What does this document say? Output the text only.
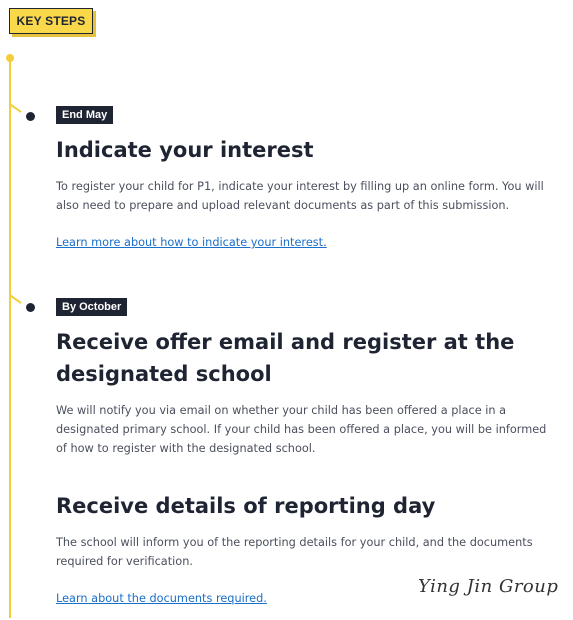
KEY STEPS
End May
Indicate your interest

To register your child for P1, indicate your interest by filling up an online form. You will also need to prepare and upload relevant documents as part of this submission.

Learn more about how to indicate your interest.
By October
Receive offer email and register at the
designated school

We will notify you via email on whether your child has been offered a place in a designated primary school. If your child has been offered a place, you will be informed of how to register with the designated school.

Receive details of reporting day

The school will inform you of the reporting details for your child, and the documents required for verification.

Learn about the documents required.
Ying Jin Group
